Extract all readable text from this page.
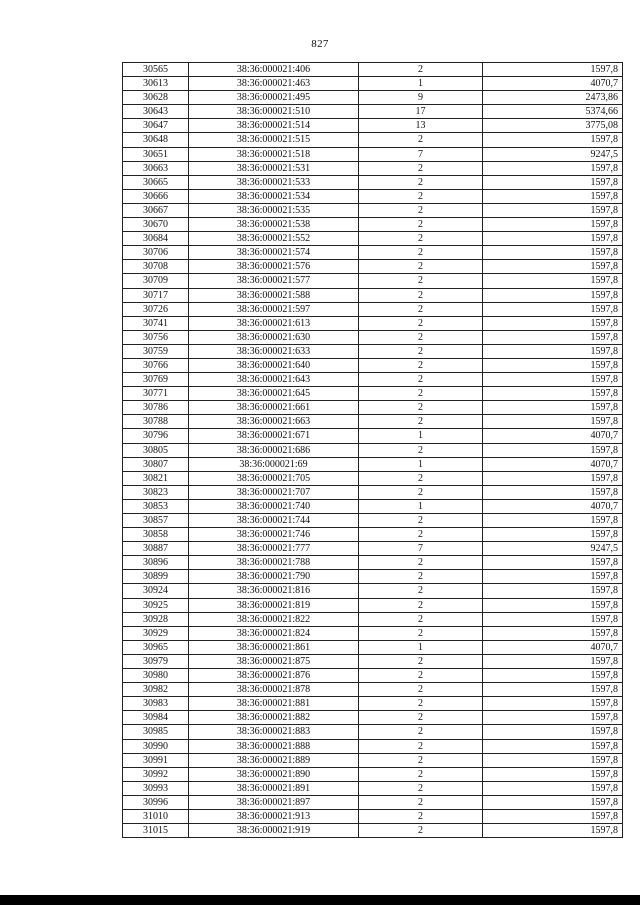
827
30565	38:36:000021:406	2	1597,8
30613	38:36:000021:463	1	4070,7
30628	38:36:000021:495	9	2473,86
30643	38:36:000021:510	17	5374,66
30647	38:36:000021:514	13	3775,08
30648	38:36:000021:515	2	1597,8
30651	38:36:000021:518	7	9247,5
30663	38:36:000021:531	2	1597,8
30665	38:36:000021:533	2	1597,8
30666	38:36:000021:534	2	1597,8
30667	38:36:000021:535	2	1597,8
30670	38:36:000021:538	2	1597,8
30684	38:36:000021:552	2	1597,8
30706	38:36:000021:574	2	1597,8
30708	38:36:000021:576	2	1597,8
30709	38:36:000021:577	2	1597,8
30717	38:36:000021:588	2	1597,8
30726	38:36:000021:597	2	1597,8
30741	38:36:000021:613	2	1597,8
30756	38:36:000021:630	2	1597,8
30759	38:36:000021:633	2	1597,8
30766	38:36:000021:640	2	1597,8
30769	38:36:000021:643	2	1597,8
30771	38:36:000021:645	2	1597,8
30786	38:36:000021:661	2	1597,8
30788	38:36:000021:663	2	1597,8
30796	38:36:000021:671	1	4070,7
30805	38:36:000021:686	2	1597,8
30807	38:36:000021:69	1	4070,7
30821	38:36:000021:705	2	1597,8
30823	38:36:000021:707	2	1597,8
30853	38:36:000021:740	1	4070,7
30857	38:36:000021:744	2	1597,8
30858	38:36:000021:746	2	1597,8
30887	38:36:000021:777	7	9247,5
30896	38:36:000021:788	2	1597,8
30899	38:36:000021:790	2	1597,8
30924	38:36:000021:816	2	1597,8
30925	38:36:000021:819	2	1597,8
30928	38:36:000021:822	2	1597,8
30929	38:36:000021:824	2	1597,8
30965	38:36:000021:861	1	4070,7
30979	38:36:000021:875	2	1597,8
30980	38:36:000021:876	2	1597,8
30982	38:36:000021:878	2	1597,8
30983	38:36:000021:881	2	1597,8
30984	38:36:000021:882	2	1597,8
30985	38:36:000021:883	2	1597,8
30990	38:36:000021:888	2	1597,8
30991	38:36:000021:889	2	1597,8
30992	38:36:000021:890	2	1597,8
30993	38:36:000021:891	2	1597,8
30996	38:36:000021:897	2	1597,8
31010	38:36:000021:913	2	1597,8
31015	38:36:000021:919	2	1597,8
